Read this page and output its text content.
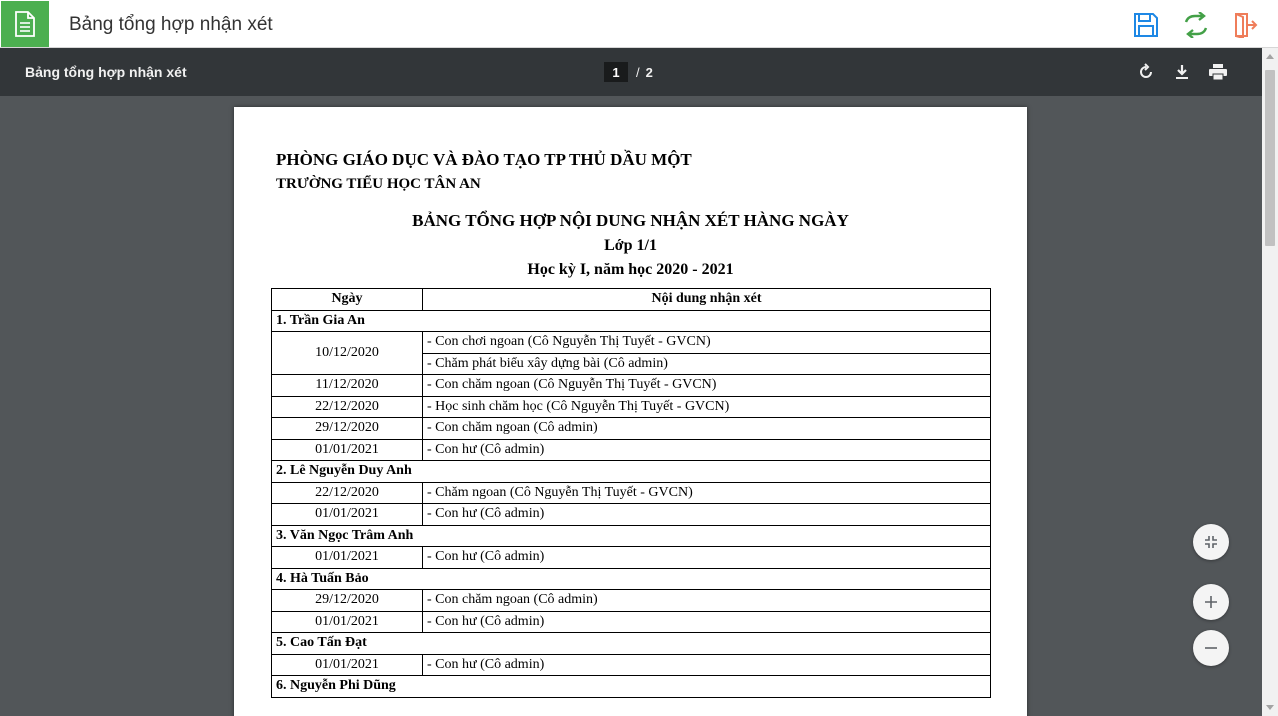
Bảng tổng hợp nhận xét
Bảng tổng hợp nhận xét	1	/ 2
PHÒNG GIÁO DỤC VÀ ĐÀO TẠO TP THỦ DẦU MỘT
TRƯỜNG TIỂU HỌC TÂN AN
BẢNG TỔNG HỢP NỘI DUNG NHẬN XÉT HÀNG NGÀY
Lớp 1/1
Học kỳ I, năm học 2020 - 2021
Ngày	Nội dung nhận xét
1. Trần Gia An	
10/12/2020	- Con chơi ngoan (Cô Nguyễn Thị Tuyết - GVCN)
	- Chăm phát biểu xây dựng bài (Cô admin)
11/12/2020	- Con chăm ngoan (Cô Nguyễn Thị Tuyết - GVCN)
22/12/2020	- Học sinh chăm học (Cô Nguyễn Thị Tuyết - GVCN)
29/12/2020	- Con chăm ngoan (Cô admin)
01/01/2021	- Con hư (Cô admin)
2. Lê Nguyễn Duy Anh	
22/12/2020	- Chăm ngoan (Cô Nguyễn Thị Tuyết - GVCN)
01/01/2021	- Con hư (Cô admin)
3. Văn Ngọc Trâm Anh	
01/01/2021	- Con hư (Cô admin)
4. Hà Tuấn Bảo	
29/12/2020	- Con chăm ngoan (Cô admin)
01/01/2021	- Con hư (Cô admin)
5. Cao Tấn Đạt	
01/01/2021	- Con hư (Cô admin)
6. Nguyễn Phi Dũng	
